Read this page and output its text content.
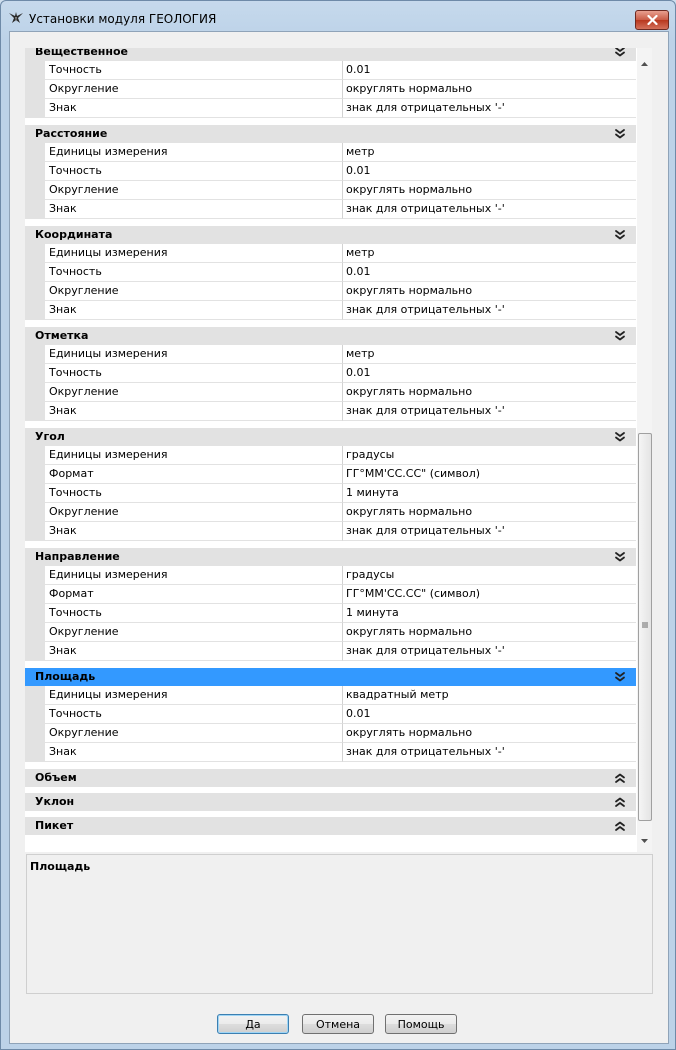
Установки модуля ГЕОЛОГИЯ
Вещественное
Точность	0.01
Округление	округлять нормально
Знак	знак для отрицательных '-'
Расстояние
Единицы измерения	метр
Точность	0.01
Округление	округлять нормально
Знак	знак для отрицательных '-'
Координата
Единицы измерения	метр
Точность	0.01
Округление	округлять нормально
Знак	знак для отрицательных '-'
Отметка
Единицы измерения	метр
Точность	0.01
Округление	округлять нормально
Знак	знак для отрицательных '-'
Угол
Единицы измерения	градусы
Формат	ГГ°ММ'СС.СС" (символ)
Точность	1 минута
Округление	округлять нормально
Знак	знак для отрицательных '-'
Направление
Единицы измерения	градусы
Формат	ГГ°ММ'СС.СС" (символ)
Точность	1 минута
Округление	округлять нормально
Знак	знак для отрицательных '-'
Площадь
Единицы измерения	квадратный метр
Точность	0.01
Округление	округлять нормально
Знак	знак для отрицательных '-'
Объем
Уклон
Пикет
Площадь
Да	Отмена	Помощь
